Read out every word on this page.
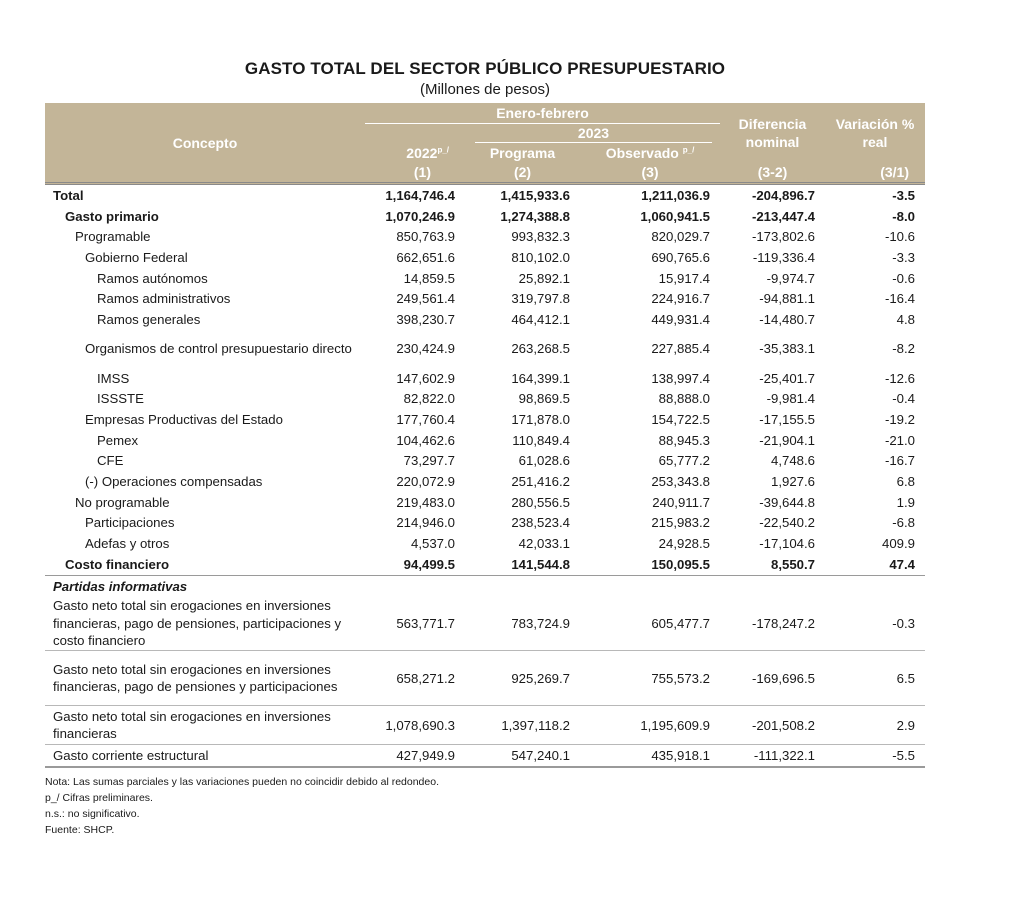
GASTO TOTAL DEL SECTOR PÚBLICO PRESUPUESTARIO
(Millones de pesos)
Concepto	Enero-febrero			Diferencia nominal	Variación % real

		2023			

	$2022^{p\_/}$	Programa	Observado $^{p\_/}$
	(1)	(2)	(3)	(3-2)	(3/1)
Total	1,164,746.4	1,415,933.6	1,211,036.9	-204,896.7	-3.5
Gasto primario	1,070,246.9	1,274,388.8	1,060,941.5	-213,447.4	-8.0
Programable	850,763.9	993,832.3	820,029.7	-173,802.6	-10.6
Gobierno Federal	662,651.6	810,102.0	690,765.6	-119,336.4	-3.3
Ramos autónomos	14,859.5	25,892.1	15,917.4	-9,974.7	-0.6
Ramos administrativos	249,561.4	319,797.8	224,916.7	-94,881.1	-16.4
Ramos generales	398,230.7	464,412.1	449,931.4	-14,480.7	4.8
Organismos de control presupuestario directo	230,424.9	263,268.5	227,885.4	-35,383.1	-8.2
IMSS	147,602.9	164,399.1	138,997.4	-25,401.7	-12.6
ISSSTE	82,822.0	98,869.5	88,888.0	-9,981.4	-0.4
Empresas Productivas del Estado	177,760.4	171,878.0	154,722.5	-17,155.5	-19.2
Pemex	104,462.6	110,849.4	88,945.3	-21,904.1	-21.0
CFE	73,297.7	61,028.6	65,777.2	4,748.6	-16.7
(-) Operaciones compensadas	220,072.9	251,416.2	253,343.8	1,927.6	6.8
No programable	219,483.0	280,556.5	240,911.7	-39,644.8	1.9
Participaciones	214,946.0	238,523.4	215,983.2	-22,540.2	-6.8
Adefas y otros	4,537.0	42,033.1	24,928.5	-17,104.6	409.9
Costo financiero	94,499.5	141,544.8	150,095.5	8,550.7	47.4
Partidas informativas					
Gasto neto total sin erogaciones en inversiones financieras, pago de pensiones, participaciones y costo financiero	563,771.7	783,724.9	605,477.7	-178,247.2	-0.3
Gasto neto total sin erogaciones en inversiones financieras, pago de pensiones y participaciones	658,271.2	925,269.7	755,573.2	-169,696.5	6.5
Gasto neto total sin erogaciones en inversiones financieras	1,078,690.3	1,397,118.2	1,195,609.9	-201,508.2	2.9
Gasto corriente estructural	427,949.9	547,240.1	435,918.1	-111,322.1	-5.5
Nota: Las sumas parciales y las variaciones pueden no coincidir debido al redondeo.
p_/ Cifras preliminares.
n.s.: no significativo.
Fuente: SHCP.
